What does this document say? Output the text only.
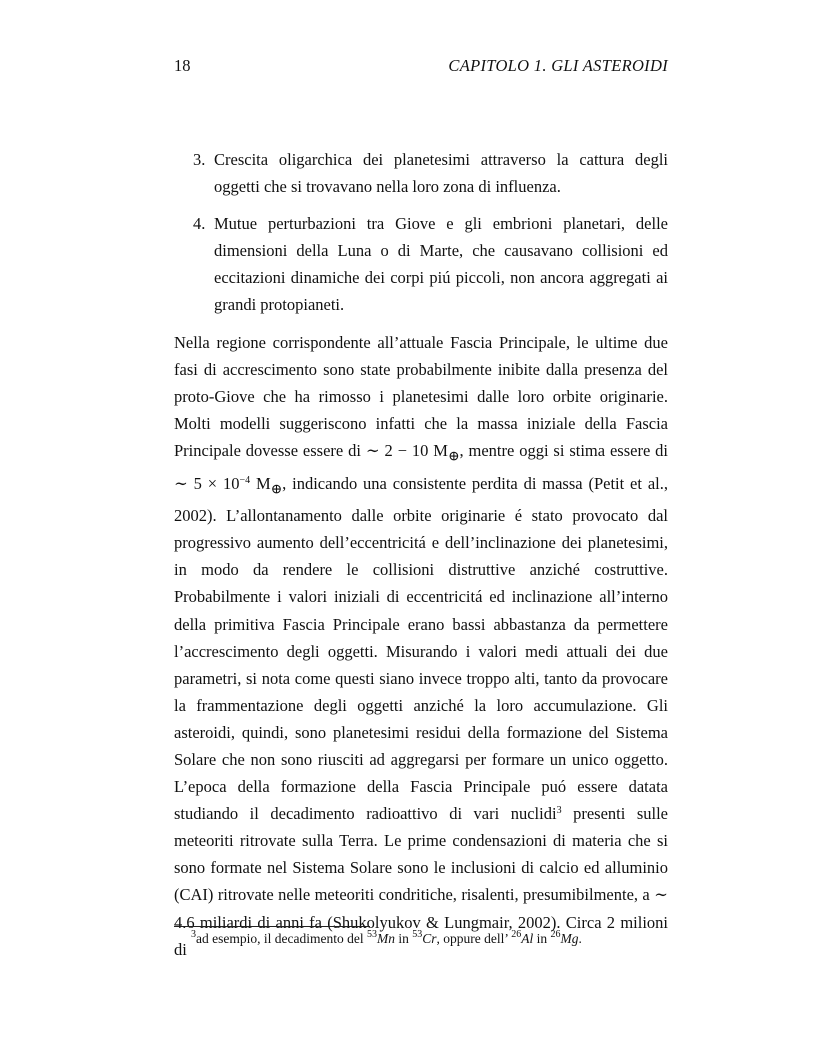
18	CAPITOLO 1. GLI ASTEROIDI
3. Crescita oligarchica dei planetesimi attraverso la cattura degli oggetti che si trovavano nella loro zona di influenza.
4. Mutue perturbazioni tra Giove e gli embrioni planetari, delle dimensioni della Luna o di Marte, che causavano collisioni ed eccitazioni dinamiche dei corpi piú piccoli, non ancora aggregati ai grandi protopianeti.

Nella regione corrispondente all’attuale Fascia Principale, le ultime due fasi di accrescimento sono state probabilmente inibite dalla presenza del proto-Giove che ha rimosso i planetesimi dalle loro orbite originarie. Molti modelli suggeriscono infatti che la massa iniziale della Fascia Principale dovesse essere di ∼ 2 − 10 $M_\oplus$, mentre oggi si stima essere di ∼ $5 \times 10^{-4}$ $M_\oplus$, indicando una consistente perdita di massa (Petit et al., 2002). L’allontanamento dalle orbite originarie é stato provocato dal progressivo aumento dell’eccentricitá e dell’inclinazione dei planetesimi, in modo da rendere le collisioni distruttive anziché costruttive. Probabilmente i valori iniziali di eccentricitá ed inclinazione all’interno della primitiva Fascia Principale erano bassi abbastanza da permettere l’accrescimento degli oggetti. Misurando i valori medi attuali dei due parametri, si nota come questi siano invece troppo alti, tanto da provocare la frammentazione degli oggetti anziché la loro accumulazione. Gli asteroidi, quindi, sono planetesimi residui della formazione del Sistema Solare che non sono riusciti ad aggregarsi per formare un unico oggetto. L’epoca della formazione della Fascia Principale puó essere datata studiando il decadimento radioattivo di vari nuclidi$^3$ presenti sulle meteoriti ritrovate sulla Terra. Le prime condensazioni di materia che si sono formate nel Sistema Solare sono le inclusioni di calcio ed alluminio (CAI) ritrovate nelle meteoriti condritiche, risalenti, presumibilmente, a ∼ 4.6 miliardi di anni fa (Shukolyukov & Lungmair, 2002). Circa 2 milioni di

$^3$ad esempio, il decadimento del $^{53}$Mn in $^{53}$Cr, oppure dell’ $^{26}$Al in $^{26}$Mg.
